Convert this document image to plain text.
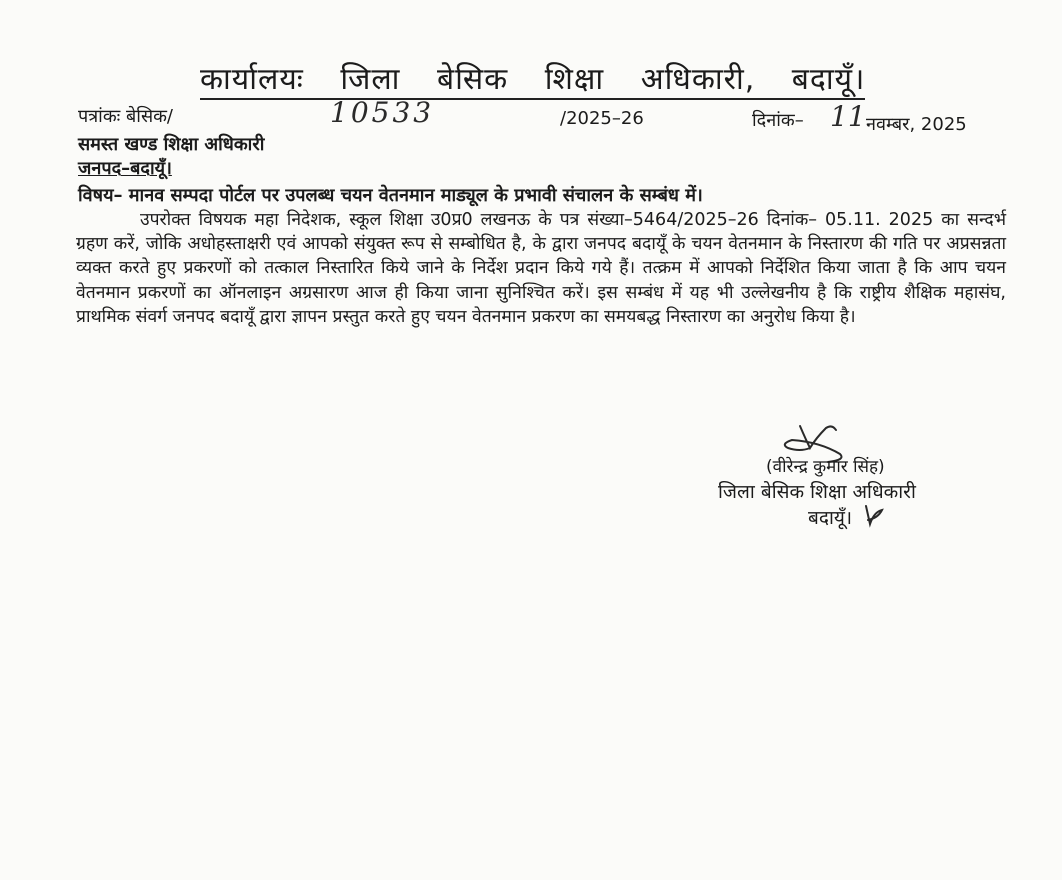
कार्यालयः जिला बेसिक शिक्षा अधिकारी, बदायूँ।
पत्रांकः बेसिक/	10533	/2025–26	दिनांक– 11 नवम्बर, 2025
समस्त खण्ड शिक्षा अधिकारी
जनपद–बदायूँ।
विषय– मानव सम्पदा पोर्टल पर उपलब्ध चयन वेतनमान माड्यूल के प्रभावी संचालन के सम्बंध में।
उपरोक्त विषयक महा निदेशक, स्कूल शिक्षा उ0प्र0 लखनऊ के पत्र संख्या–5464/2025–26 दिनांक– 05.11. 2025 का सन्दर्भ ग्रहण करें, जोकि अधोहस्ताक्षरी एवं आपको संयुक्त रूप से सम्बोधित है, के द्वारा जनपद बदायूँ के चयन वेतनमान के निस्तारण की गति पर अप्रसन्नता व्यक्त करते हुए प्रकरणों को तत्काल निस्तारित किये जाने के निर्देश प्रदान किये गये हैं। तत्क्रम में आपको निर्देशित किया जाता है कि आप चयन वेतनमान प्रकरणों का ऑनलाइन अग्रसारण आज ही किया जाना सुनिश्चित करें। इस सम्बंध में यह भी उल्लेखनीय है कि राष्ट्रीय शैक्षिक महासंघ, प्राथमिक संवर्ग जनपद बदायूँ द्वारा ज्ञापन प्रस्तुत करते हुए चयन वेतनमान प्रकरण का समयबद्ध निस्तारण का अनुरोध किया है।
(वीरेन्द्र कुमार सिंह)
जिला बेसिक शिक्षा अधिकारी
बदायूँ।
